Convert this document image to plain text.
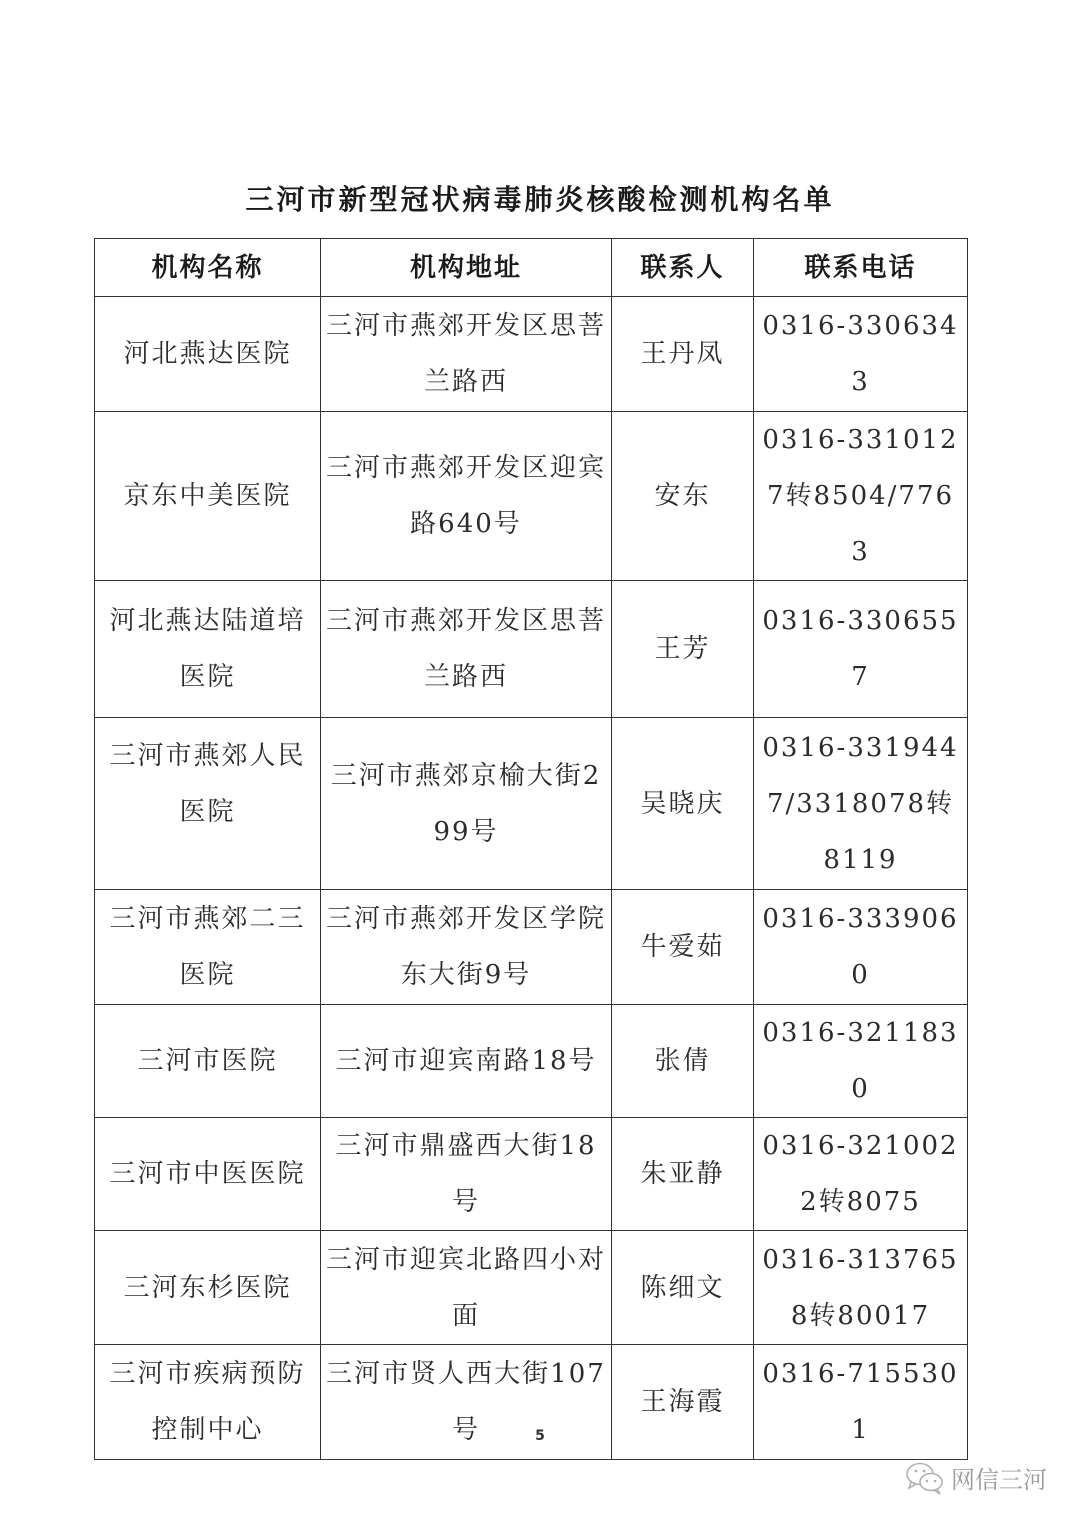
三河市新型冠状病毒肺炎核酸检测机构名单
机构名称	机构地址	联系人	联系电话
河北燕达医院	三河市燕郊开发区思菩兰路西	王丹凤	0316-3306343
京东中美医院	三河市燕郊开发区迎宾路640号	安东	0316-3310127转8504/7763
河北燕达陆道培医院	三河市燕郊开发区思菩兰路西	王芳	0316-3306557
三河市燕郊人民医院	三河市燕郊京榆大街299号	吴晓庆	0316-3319447/3318078转8119
三河市燕郊二三医院	三河市燕郊开发区学院东大街9号	牛爱茹	0316-3339060
三河市医院	三河市迎宾南路18号	张倩	0316-3211830
三河市中医医院	三河市鼎盛西大街18号	朱亚静	0316-3210022转8075
三河东杉医院	三河市迎宾北路四小对面	陈细文	0316-3137658转80017
三河市疾病预防控制中心	三河市贤人西大街107号	王海霞	0316-7155301
5
网信三河
